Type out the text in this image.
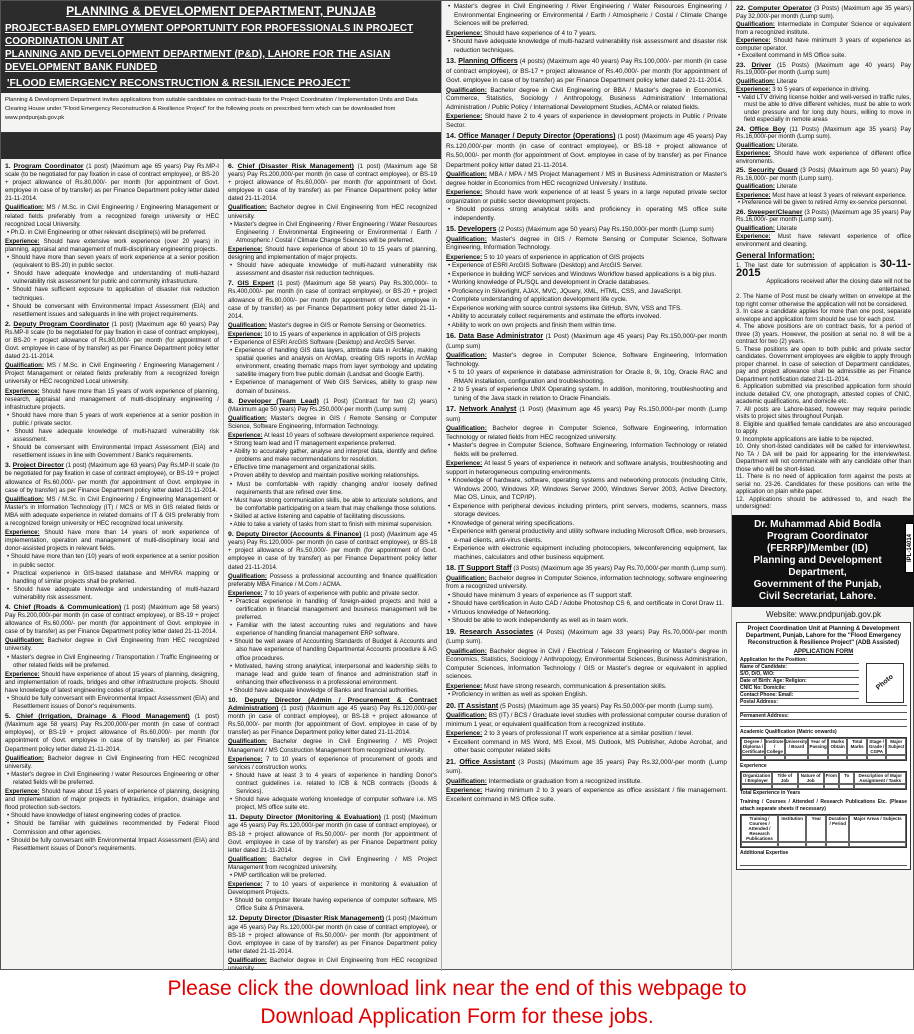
PLANNING & DEVELOPMENT DEPARTMENT, PUNJAB
PROJECT-BASED EMPLOYMENT OPPORTUNITY FOR PROFESSIONALS IN PROJECT COORDINATION UNIT AT
PLANNING AND DEVELOPMENT DEPARTMENT (P&D), LAHORE FOR THE ASIAN DEVELOPMENT BANK FUNDED
'FLOOD EMERGENCY RECONSTRUCTION & RESILIENCE PROJECT'
Planning & Development Department invites applications from suitable candidates on contract-basis for the Project Coordination / Implementation Units and Data Clearing House under "Flood Emergency Reconstruction & Resilience Project" for the following posts on prescribed form which can be downloaded from www.pndpunjab.gov.pk
1. Program Coordinator (1 post) (Maximum age 65 years) Pay Rs.MP-I scale (to be negotiated for pay fixation in case of contract employee), or BS-20 + project allowance of Rs.80,000/- per month (for appointment of Govt. employee in case of by transfer) as per Finance Department policy letter dated 21-11-2014.
Qualification: MS / M.Sc. in Civil Engineering / Engineering Management or related fields preferably from a recognized foreign university or HEC recognized Local University.
• Ph.D. in Civil Engineering or other relevant discipline(s) will be preferred.
Experience: Should have extensive work experience (over 20 years) in planning, appraisal and management of multi-disciplinary engineering projects.
• Should have more than seven years of work experience at a senior position (equivalent to BS-20) in public sector.
• Should have adequate knowledge and understanding of multi-hazard vulnerability risk assessment for public and community infrastructure.
• Should have sufficient exposure to application of disaster risk reduction techniques.
• Should be conversant with Environmental Impact Assessment (EIA) and resettlement issues and safeguards in line with project requirements.
2. Deputy Program Coordinator (1 post) (Maximum age 60 years) Pay Rs.MP-II scale (to be negotiated for pay fixation in case of contract employee), or BS-20 + project allowance of Rs.80,000/- per month (for appointment of Govt. employee in case of by transfer) as per Finance Department policy letter dated 21-11-2014.
Qualification: MS / M.Sc. in Civil Engineering / Engineering Management / Project Management or related fields preferably from a recognized foreign university or HEC recognized Local university.
Experience: Should have more than 15 years of work experience of planning, research, appraisal and management of multi-disciplinary engineering / infrastructure projects.
• Should have more than 5 years of work experience at a senior position in public / private sector.
• Should have adequate knowledge of multi-hazard vulnerability risk assessment.
• Should be conversant with Environmental Impact Assessment (EIA) and resettlement issues in line with Government / Bank's requirements.
3. Project Director (1 post) (Maximum age 63 years) Pay Rs.MP-II scale (to be negotiated for pay fixation in case of contract employee), or BS-19 + project allowance of Rs.60,000/- per month (for appointment of Govt. employee in case of by transfer) as per Finance Department policy letter dated 21-11-2014.
Qualification: MS / M.Sc. in Civil Engineering / Engineering Management or Master's in Information Technology (IT) / MCS or MS in GIS related fields or MBA with adequate experience in related domains of IT & GIS preferably from a recognized foreign university or HEC recognized local university.
Experience: Should have more than 14 years of work experience of implementation, operation and management of multi-disciplinary local and donor-assisted projects in relevant fields.
• Should have more than ten (10) years of work experience at a senior position in public sector.
• Practical experience in GIS-based database and MHVRA mapping or handling of similar projects shall be preferred.
• Should have adequate knowledge and understanding of multi-hazard vulnerability risk assessment.
4. Chief (Roads & Communication) (1 post) (Maximum age 58 years) Pay Rs.200,000/-per month (in case of contract employee), or BS-19 + project allowance of Rs.60,000/- per month (for appointment of Govt. employee in case of by transfer) as per Finance Department policy letter dated 21-11-2014.
Qualification: Bachelor degree in Civil Engineering from HEC recognized university.
• Master's degree in Civil Engineering / Transportation / Traffic Engineering or other related fields will be preferred.
Experience: Should have experience of about 15 years of planning, designing, and implementation of roads, bridges and other infrastructure projects. Should have knowledge of latest engineering codes of practice.
• Should be fully conversant with Environmental Impact Assessment (EIA) and Resettlement issues of Donor's requirements.
5. Chief (Irrigation, Drainage & Flood Management) (1 post) (Maximum age 58 years) Pay Rs.200,000/-per month (in case of contract employee), or BS-19 + project allowance of Rs.60,000/- per month (for appointment of Govt. employee in case of by transfer) as per Finance Department policy letter dated 21-11-2014.
Qualification: Bachelor degree in Civil Engineering from HEC recognized university.
• Master's degree in Civil Engineering / water Resources Engineering or other related fields will be preferred.
Experience: Should have about 15 years of experience of planning, designing and implementation of major projects in hydraulics, irrigation, drainage and flood protection sub-sectors.
• Should have knowledge of latest engineering codes of practice.
• Should be familiar with guidelines recommended by Federal Flood Commission and other agencies.
• Should be fully conversant with Environmental Impact Assessment (EIA) and Resettlement issues of Donor's requirements.
6. Chief (Disaster Risk Management) (1 post) (Maximum age 58 years) Pay Rs.200,000/-per month (in case of contract employee), or BS-19 + project allowance of Rs.60,000/- per month (for appointment of Govt. employee in case of by transfer) as per Finance Department policy letter dated 21-11-2014.
Qualification: Bachelor degree in Civil Engineering from HEC recognized university.
• Master's degree in Civil Engineering / River Engineering / Water Resources Engineering / Environmental Engineering or Environmental / Earth / Atmospheric / Costal / Climate Change Sciences will be preferred.
Experience: Should have experience of about 10 to 15 years of planning, designing and implementation of major projects.
• Should have adequate knowledge of multi-hazard vulnerability risk assessment and disaster risk reduction techniques.
7. GIS Expert (1 post) (Maximum age 58 years) Pay Rs.300,000/- to Rs.400,000/- per month (in case of contract employee), or BS-20 + project allowance of Rs.80,000/- per month (for appointment of Govt. employee in case of by transfer) as per Finance Department policy letter dated 21-11-2014.
Qualification: Master's degree in GIS or Remote Sensing or Geometrics.
Experience: 10 to 15 years of experience in application of GIS projects
• Experience of ESRI ArcGIS Software (Desktop) and ArcGIS Server.
• Experience of handling GIS data layers, attribute data in ArcMap, making spatial queries and analysis on ArcMap, creating GIS reports in ArcMap environment, creating thematic maps from layer symbology and updating satellite imagery from free public domain (Landsat and Google Earth).
• Experience of management of Web GIS Services, ability to grasp new domain of business.
8. Developer (Team Lead) (1 Post) (Contract for two (2) years) (Maximum age 50 years) Pay Rs.250,000/-per month (Lump sum)
Qualification: Master's degree in GIS / Remote Sensing or Computer Science, Software Engineering, Information Technology.
Experience: At least 10 years of software development experience required.
• Strong team lead and IT management experience preferred.
• Ability to accurately gather, analyse and interpret data, identify and define problems and make recommendations for resolution.
• Effective time management and organizational skills.
• Proven ability to develop and maintain positive working relationships.
• Must be comfortable with rapidly changing and/or loosely defined requirements that are refined over time.
• Must have strong communication skills, be able to articulate solutions, and be comfortable participating on a team that may challenge those solutions.
• Skilled at active listening and capable of facilitating discussions.
• Able to take a variety of tasks from start to finish with minimal supervision.
9. Deputy Director (Accounts & Finance) (1 post) (Maximum age 45 years) Pay Rs.120,000/- per month (in case of contract employee), or BS-18 + project allowance of Rs.50,000/- per month (for appointment of Govt. employee in case of by transfer) as per Finance Department policy letter dated 21-11-2014.
Qualification: Possess a professional accounting and finance qualification preferably MBA Finance / M.Com / ACMA.
Experience: 7 to 10 years of experience with public and private sector.
• Practical experience in handling of foreign-aided projects and hold a certification in financial management and business management will be preferred.
• Familiar with the latest accounting rules and regulations and have experience of handling financial management ERP software.
• Should be well aware of Accounting Standards of Budget & Accounts and also have experience of handling Departmental Accounts procedure & AG office procedures.
• Motivated, having strong analytical, interpersonal and leadership skills to manage lead and guide team of finance and administration staff in enhancing their effectiveness in a professional environment.
• Should have adequate knowledge of Banks and financial authorities.
10. Deputy Director (Admin / Procurement & Contract Administration) (1 post) (Maximum age 45 years) Pay Rs.120,000/-per month (in case of contract employee), or BS-18 + project allowance of Rs.50,000/- per month (for appointment of Govt. employee in case of by transfer) as per Finance Department policy letter dated 21-11-2014.
Qualification: Bachelor degree in Civil Engineering / MS Project Management / MS Construction Management from recognized university.
Experience: 7 to 10 years of experience of procurement of goods and services / construction works.
• Should have at least 3 to 4 years of experience in handling Donor's contract guidelines i.e. related to ICB & NCB contracts (Goods & Services).
• Should have adequate working knowledge of computer software i.e. MS project, MS office suite etc.
11. Deputy Director (Monitoring & Evaluation) (1 post) (Maximum age 45 years) Pay Rs.120,000/-per month (in case of contract employee), or BS-18 + project allowance of Rs.50,000/- per month (for appointment of Govt. employee in case of by transfer) as per Finance Department policy letter dated 21-11-2014.
Qualification: Bachelor degree in Civil Engineering / MS Project Management from recognized university.
• PMP certification will be preferred.
Experience: 7 to 10 years of experience in monitoring & evaluation of Development Projects.
• Should be computer literate having experience of computer software, MS Office Suite & Primavera.
12. Deputy Director (Disaster Risk Management) (1 post) (Maximum age 45 years) Pay Rs.120,000/-per month (in case of contract employee), or BS-18 + project allowance of Rs.50,000/- per month (for appointment of Govt. employee in case of by transfer) as per Finance Department policy letter dated 21-11-2014.
Qualification: Bachelor degree in Civil Engineering from HEC recognized university.
• Master's degree in Civil Engineering / River Engineering / Water Resources Engineering / Environmental Engineering or Environmental / Earth / Atmospheric / Costal / Climate Change Sciences will be preferred.
Experience: Should have experience of 4 to 7 years.
• Should have adequate knowledge of multi-hazard vulnerability risk assessment and disaster risk reduction techniques.
13. Planning Officers (4 posts) (Maximum age 40 years) Pay Rs.100,000/- per month (in case of contract employee), or BS-17 + project allowance of Rs.40,000/- per month (for appointment of Govt. employee in case of by transfer) as per Finance Department policy letter dated 21-11-2014.
Qualification: Bachelor degree in Civil Engineering or BBA / Master's degree in Economics, Commerce, Statistics, Sociology / Anthropology, Business Administration/ International Administration / Public Policy / International Development Studies, ACMA or related fields.
Experience: Should have 2 to 4 years of experience in development projects in Public / Private Sector.
14. Office Manager / Deputy Director (Operations) (1 post) (Maximum age 45 years) Pay Rs.120,000/-per month (in case of contract employee), or BS-18 + project allowance of Rs.50,000/- per month (for appointment of Govt. employee in case of by transfer) as per Finance Department policy letter dated 21-11-2014.
Qualification: MBA / MPA / MS Project Management / MS in Business Administration or Master's degree holder in Economics from HEC recognized University / Institute.
Experience: Should have work experience of at least 5 years in a large reputed private sector organization or public sector development projects.
• Should possess strong analytical skills and proficiency in operating MS office suite independently.
15. Developers (2 Posts) (Maximum age 50 years) Pay Rs.150,000/-per month (Lump sum)
Qualification: Master's degree in GIS / Remote Sensing or Computer Science, Software Engineering, Information Technology.
Experience: 5 to 10 years of experience in application of GIS projects
• Experience of ESRI ArcGIS Software (Desktop) and ArcGIS Server.
• Experience in building WCF services and Windows Workflow based applications is a big plus.
• Working knowledge of PL/SQL and development in Oracle databases.
• Proficiency in Silverlight, AJAX, MVC, JQuery, XML, HTML, CSS, and JavaScript.
• Complete understanding of application development life cycle.
• Experience working with source control systems like GitHub, SVN, VSS and TFS.
• Ability to accurately collect requirements and estimate the efforts involved.
• Ability to work on own projects and finish them within time.
16. Data Base Administrator (1 Post) (Maximum age 45 years) Pay Rs.150,000/-per month (Lump sum)
Qualification: Master's degree in Computer Science, Software Engineering, Information Technology.
• 5 to 10 years of experience in database administration for Oracle 8, 9i, 10g, Oracle RAC and RMAN installation, configuration and troubleshooting.
• 2 to 5 years of experience UNIX Operating system. In addition, monitoring, troubleshooting and tuning of the Java stack in relation to Oracle Financials.
17. Network Analyst (1 Post) (Maximum age 45 years) Pay Rs.150,000/-per month (Lump sum)
Qualification: Bachelor degree in Computer Science, Software Engineering, Information Technology or related fields from HEC recognized university.
• Master's degree in Computer Science, Software Engineering, Information Technology or related fields will be preferred.
Experience: At least 5 years of experience in network and software analysis, troubleshooting and support in heterogeneous computing environments.
• Knowledge of hardware, software, operating systems and networking protocols (including Citrix, Windows 2000, Windows XP, Windows Server 2000, Windows Server 2003, Active Directory, Mac OS, Linux, and TCP/IP).
• Experience with peripheral devices including printers, print servers, modems, scanners, mass storage devices.
• Knowledge of general wiring specifications.
• Experience with general productivity and utility software including Microsoft Office, web browsers, e-mail clients, anti-virus clients.
• Experience with electronic equipment including photocopiers, teleconferencing equipment, fax machines, calculators and other business equipment.
18. IT Support Staff (3 Posts) (Maximum age 35 years) Pay Rs.70,000/-per month (Lump sum).
Qualification: Bachelor degree in Computer Science, information technology, software engineering from a recognized university.
• Should have minimum 3 years of experience as IT support staff.
• Should have certification in Auto CAD / Adobe Photoshop CS 6, and certificate in Corel Draw 11.
• Virtuous knowledge of Networking.
• Should be able to work independently as well as in team work.
19. Research Associates (4 Posts) (Maximum age 33 years) Pay Rs.70,000/-per month (Lump sum).
Qualification: Bachelor degree in Civil / Electrical / Telecom Engineering or Master's degree in Economics, Statistics, Sociology / Anthropology, Environmental Sciences, Business Administration, Computer Sciences, Information Technology / GIS or Master's degree or equivalent in applied sciences.
Experience: Must have strong research, communication & presentation skills.
• Proficiency in written as well as spoken English.
20. IT Assistant (5 Posts) (Maximum age 35 years) Pay Rs.50,000/-per month (Lump sum).
Qualification: BS (IT) / BCS / Graduate level studies with professional computer course duration of minimum 1 year, or equivalent qualification from a recognized institute.
Experience: 2 to 3 years of professional IT work experience at a similar position / level.
• Excellent command in MS Word, MS Excel, MS Outlook, MS Publisher, Adobe Acrobat, and other basic computer related skills
21. Office Assistant (3 Posts) (Maximum age 35 years) Pay Rs.32,000/-per month (Lump sum).
Qualification: Intermediate or graduation from a recognized institute.
Experience: Having minimum 2 to 3 years of experience as office assistant / file management. Excellent command in MS Office suite.
22. Computer Operator (3 Posts) (Maximum age 35 years) Pay 32,000/-per month (Lump sum).
Qualification: Intermediate in Computer Science or equivalent from a recognized institute.
Experience: Should have minimum 3 years of experience as computer operator.
• Excellent command in MS Office suite.
23. Driver (15 Posts) (Maximum age 40 years) Pay Rs.19,000/-per month (Lump sum)
Qualification: Literate
Experience: 3 to 5 years of experience in driving.
• Valid LTV driving license holder and well-versed in traffic rules, must be able to drive different vehicles, must be able to work under pressure and for long duty hours, willing to move in field especially in remote areas
24. Office Boy (11 Posts) (Maximum age 35 years) Pay Rs.16,000/-per month (Lump sum).
Qualification: Literate.
Experience: Should have work experience of different office environments.
25. Security Guard (3 Posts) (Maximum age 50 years) Pay Rs.16,000/- per month (Lump sum).
Qualification: Literate
Experience: Must have at least 3 years of relevant experience.
• Preference will be given to retired Army ex-service personnel.
26. Sweeper/Cleaner (3 Posts) (Maximum age 35 years) Pay Rs.16,000/- per month (Lump sum).
Qualification: Literate
Experience: Must have relevant experience of office environment and cleaning.
General Information:
1. The last date for submission of application is 30-11-2015
Applications received after the closing date will not be entertained.
2. The Name of Post must be clearly written on envelope at the top right corner otherwise the application will not be considered.
3. In case a candidate applies for more than one post, separate envelope and application form should be use for each post.
4. The above positions are on contract basis, for a period of three (3) years. However, the position at serial no. 8 will be a contract for two (2) years.
5. These positions are open to both public and private sector candidates. Government employees are eligible to apply through proper channel. In case of selection of Department candidates, pay and project allowance shall be admissible as per Finance Department notification dated 21-11-2014.
6. Application submitted via prescribed application form should include detailed CV, one photograph, attested copies of CNIC, academic qualifications, and domicile etc.
7. All posts are Lahore-based, however may require periodic visits to project sites throughout Punjab.
8. Eligible and qualified female candidates are also encouraged to apply.
9. Incomplete applications are liable to be rejected.
10. Only short-listed candidates will be called for interview/test. No TA / DA will be paid for appearing for the interview/test. Department will not communicate with any candidate other than those who will be short-listed.
11. There is no need of application form against the posts at serial no. 23-26. Candidates for these positions can write the application on plain white paper.
12. Applications should be addressed to, and reach the undersigned:
Dr. Muhammad Abid Bodla
Program Coordinator (FERRP)/Member (ID)
Planning and Development Department,
Government of the Punjab,
Civil Secretariat, Lahore.
IPL-14014
Website: www.pndpunjab.gov.pk
Project Coordination Unit at Planning & Development Department, Punjab, Lahore for the "Flood Emergency Reconstruction & Resilience Project" (ADB Assisted)
APPLICATION FORM
Photo
Application for the Position:
Name of Candidate:
S/O, D/O, W/O:
Date of Birth: Age: Religion:
CNIC No: Domicile:
Contact Phone: Email:
Postal Address:
Permanent Address:
Academic Qualification (Matric onwards)
Degree / Diploma / Certificate
Institute / College
University / Board
Year of Passing
Marks Obtain
Total Marks
Stage / Grade / CGPA
Major Subject
Experience
Organization / Employer
Title of Job
Nature of Job
From	To	Description of Major Assignment / Tasks
Total Experience in Years
Training / Courses / Attended / Research Publications Etc. (Please attach separate sheets if necessary)
Training / Courses / Attended / Research Publications
Institution	Year	Duration / Period
Major Areas / Subjects
Additional Expertise
Please click the download link near the end of this webpage to
Download Application Form for these jobs.
